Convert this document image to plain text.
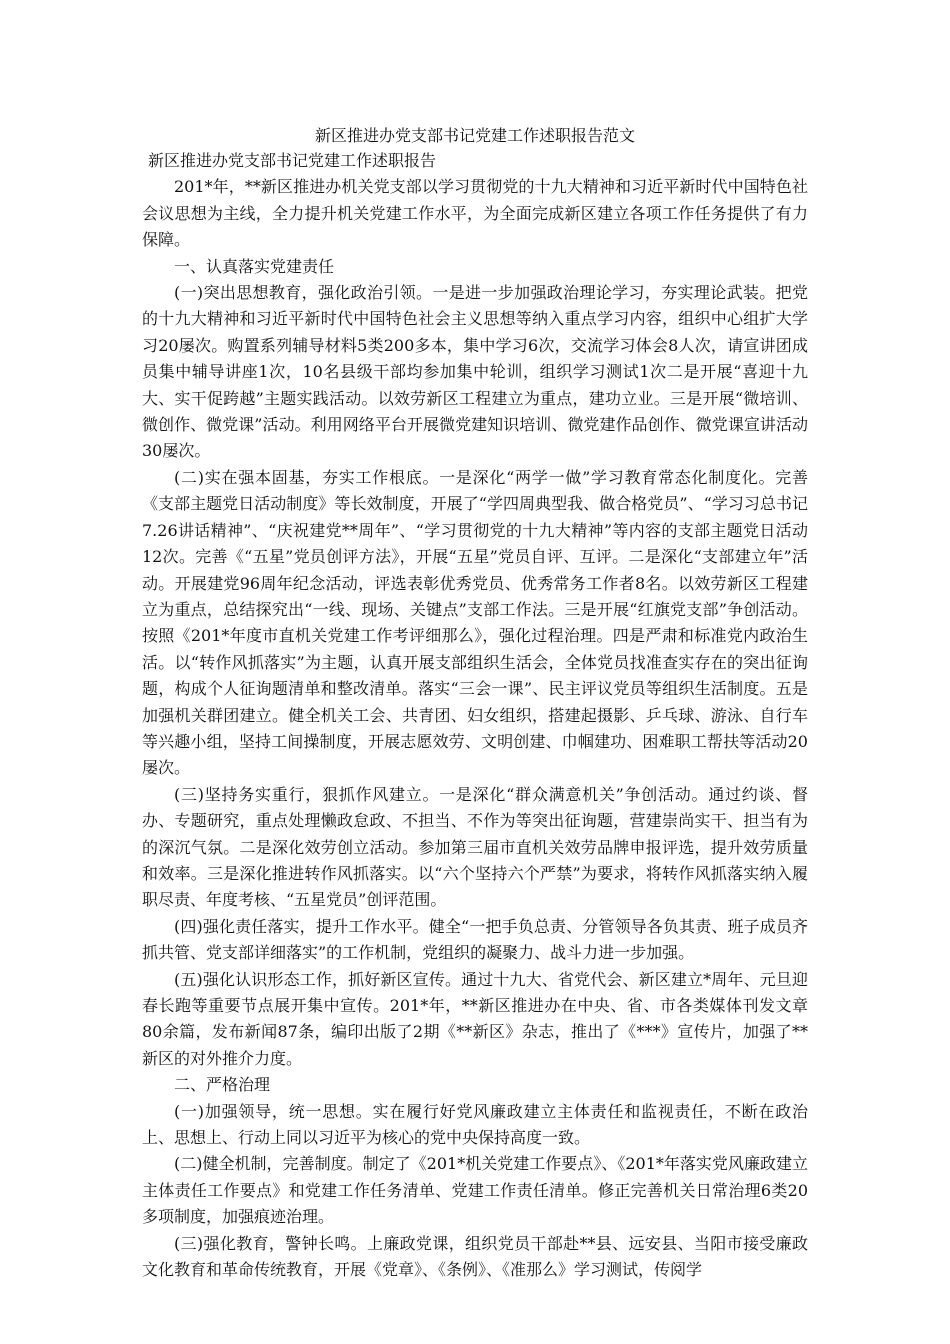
新区推进办党支部书记党建工作述职报告范文

新区推进办党支部书记党建工作述职报告

201*年，**新区推进办机关党支部以学习贯彻党的十九大精神和习近平新时代中国特色社会议思想为主线，全力提升机关党建工作水平，为全面完成新区建立各项工作任务提供了有力保障。

一、认真落实党建责任

(一)突出思想教育，强化政治引领。一是进一步加强政治理论学习，夯实理论武装。把党的十九大精神和习近平新时代中国特色社会主义思想等纳入重点学习内容，组织中心组扩大学习20屡次。购置系列辅导材料5类200多本，集中学习6次，交流学习体会8人次，请宣讲团成员集中辅导讲座1次，10名县级干部均参加集中轮训，组织学习测试1次二是开展“喜迎十九大、实干促跨越”主题实践活动。以效劳新区工程建立为重点，建功立业。三是开展“微培训、微创作、微党课”活动。利用网络平台开展微党建知识培训、微党建作品创作、微党课宣讲活动30屡次。

(二)实在强本固基，夯实工作根底。一是深化“两学一做”学习教育常态化制度化。完善《支部主题党日活动制度》等长效制度，开展了“学四周典型我、做合格党员”、“学习习总书记7.26讲话精神”、“庆祝建党**周年”、“学习贯彻党的十九大精神”等内容的支部主题党日活动12次。完善《“五星”党员创评方法》，开展“五星”党员自评、互评。二是深化“支部建立年”活动。开展建党96周年纪念活动，评选表彰优秀党员、优秀常务工作者8名。以效劳新区工程建立为重点，总结探究出“一线、现场、关键点”支部工作法。三是开展“红旗党支部”争创活动。按照《201*年度市直机关党建工作考评细那么》，强化过程治理。四是严肃和标准党内政治生活。以“转作风抓落实”为主题，认真开展支部组织生活会，全体党员找准查实存在的突出征询题，构成个人征询题清单和整改清单。落实“三会一课”、民主评议党员等组织生活制度。五是加强机关群团建立。健全机关工会、共青团、妇女组织，搭建起摄影、乒乓球、游泳、自行车等兴趣小组，坚持工间操制度，开展志愿效劳、文明创建、巾帼建功、困难职工帮扶等活动20屡次。

(三)坚持务实重行，狠抓作风建立。一是深化“群众满意机关”争创活动。通过约谈、督办、专题研究，重点处理懒政怠政、不担当、不作为等突出征询题，营建崇尚实干、担当有为的深沉气氛。二是深化效劳创立活动。参加第三届市直机关效劳品牌申报评选，提升效劳质量和效率。三是深化推进转作风抓落实。以“六个坚持六个严禁”为要求，将转作风抓落实纳入履职尽责、年度考核、“五星党员”创评范围。

(四)强化责任落实，提升工作水平。健全“一把手负总责、分管领导各负其责、班子成员齐抓共管、党支部详细落实”的工作机制，党组织的凝聚力、战斗力进一步加强。

(五)强化认识形态工作，抓好新区宣传。通过十九大、省党代会、新区建立*周年、元旦迎春长跑等重要节点展开集中宣传。201*年，**新区推进办在中央、省、市各类媒体刊发文章80余篇，发布新闻87条，编印出版了2期《**新区》杂志，推出了《***》宣传片，加强了**新区的对外推介力度。

二、严格治理

(一)加强领导，统一思想。实在履行好党风廉政建立主体责任和监视责任，不断在政治上、思想上、行动上同以习近平为核心的党中央保持高度一致。

(二)健全机制，完善制度。制定了《201*机关党建工作要点》、《201*年落实党风廉政建立主体责任工作要点》和党建工作任务清单、党建工作责任清单。修正完善机关日常治理6类20多项制度，加强痕迹治理。

(三)强化教育，警钟长鸣。上廉政党课，组织党员干部赴**县、远安县、当阳市接受廉政文化教育和革命传统教育，开展《党章》、《条例》、《准那么》学习测试，传阅学
